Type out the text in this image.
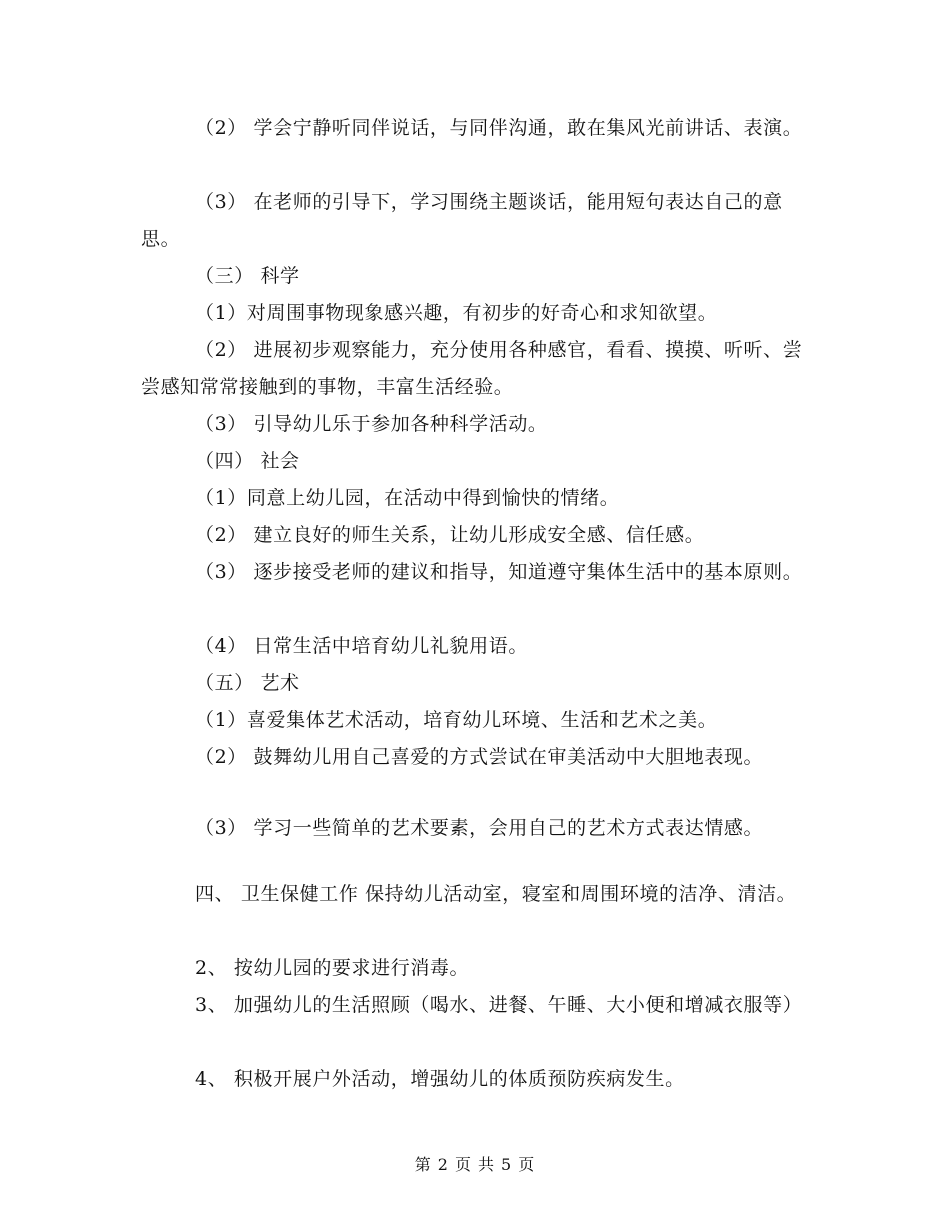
（2） 学会宁静听同伴说话，与同伴沟通，敢在集风光前讲话、表演。
（3） 在老师的引导下，学习围绕主题谈话，能用短句表达自己的意思。
（三） 科学
（1）对周围事物现象感兴趣，有初步的好奇心和求知欲望。
（2） 进展初步观察能力，充分使用各种感官，看看、摸摸、听听、尝尝感知常常接触到的事物，丰富生活经验。
（3） 引导幼儿乐于参加各种科学活动。
（四） 社会
（1）同意上幼儿园，在活动中得到愉快的情绪。
（2） 建立良好的师生关系，让幼儿形成安全感、信任感。
（3） 逐步接受老师的建议和指导，知道遵守集体生活中的基本原则。
（4） 日常生活中培育幼儿礼貌用语。
（五） 艺术
（1）喜爱集体艺术活动，培育幼儿环境、生活和艺术之美。
（2） 鼓舞幼儿用自己喜爱的方式尝试在审美活动中大胆地表现。
（3） 学习一些简单的艺术要素，会用自己的艺术方式表达情感。
四、 卫生保健工作 保持幼儿活动室，寝室和周围环境的洁净、清洁。
2、 按幼儿园的要求进行消毒。
3、 加强幼儿的生活照顾（喝水、进餐、午睡、大小便和增减衣服等）
4、 积极开展户外活动，增强幼儿的体质预防疾病发生。
第 2 页 共 5 页
